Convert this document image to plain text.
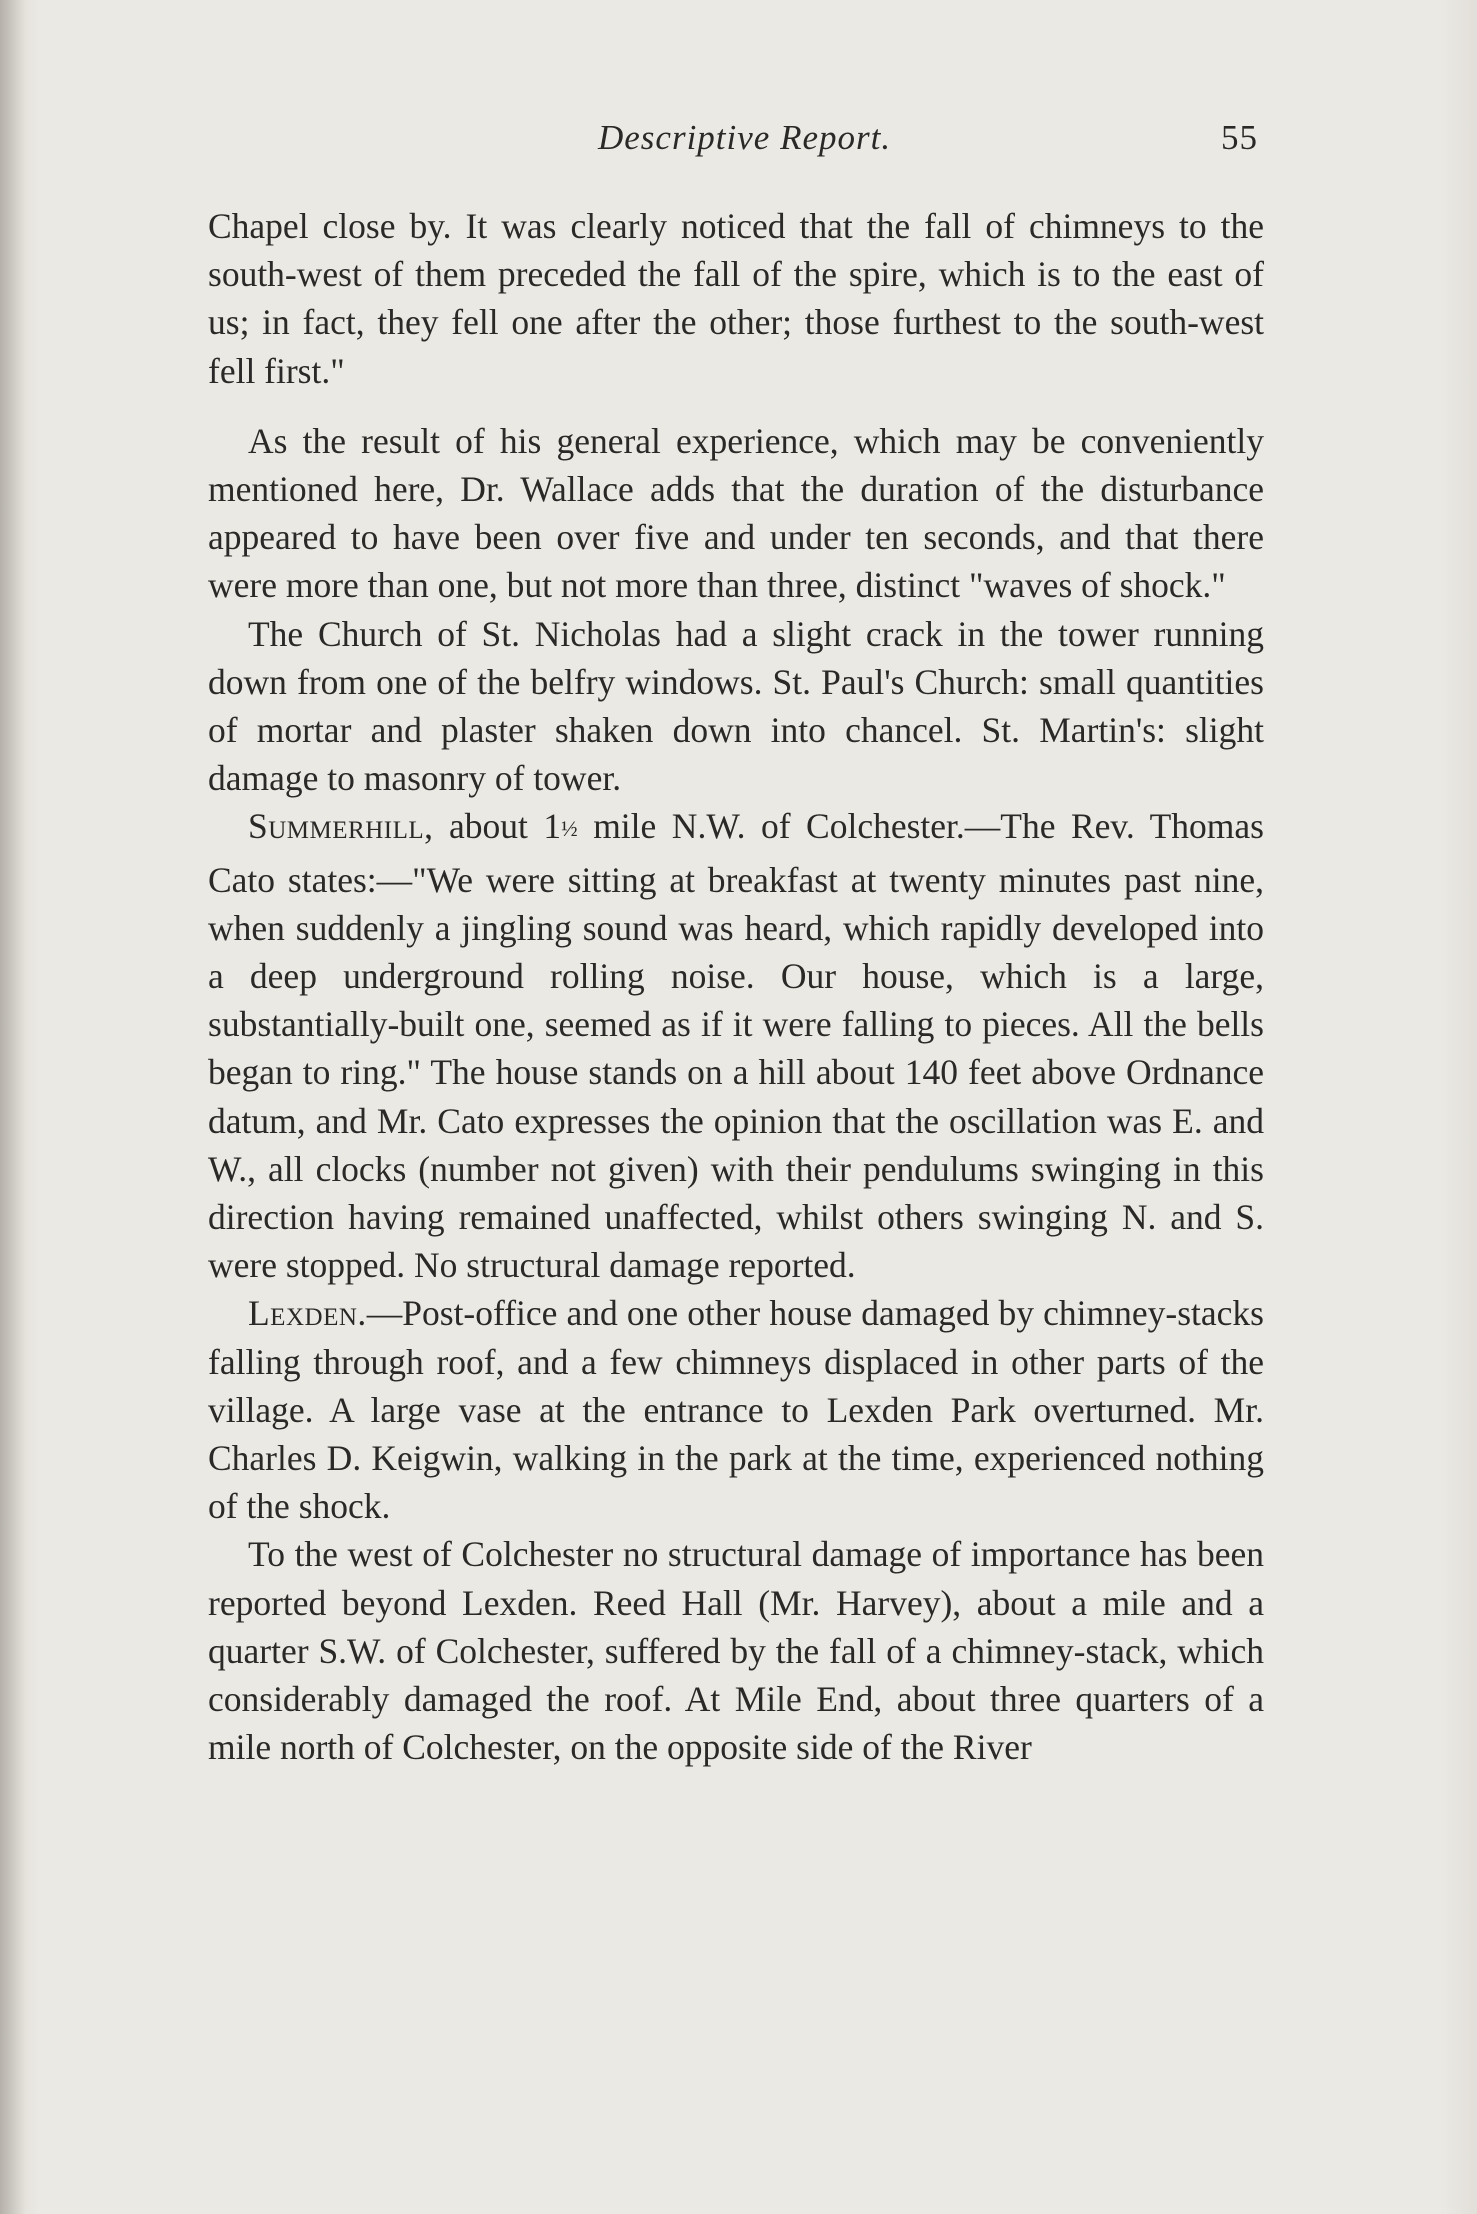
Descriptive Report.	55

Chapel close by. It was clearly noticed that the fall of chimneys to the south-west of them preceded the fall of the spire, which is to the east of us; in fact, they fell one after the other; those furthest to the south-west fell first."

As the result of his general experience, which may be conveniently mentioned here, Dr. Wallace adds that the duration of the disturbance appeared to have been over five and under ten seconds, and that there were more than one, but not more than three, distinct "waves of shock."

The Church of St. Nicholas had a slight crack in the tower running down from one of the belfry windows. St. Paul's Church: small quantities of mortar and plaster shaken down into chancel. St. Martin's: slight damage to masonry of tower.

Summerhill, about 1½ mile N.W. of Colchester.—The Rev. Thomas Cato states:—"We were sitting at breakfast at twenty minutes past nine, when suddenly a jingling sound was heard, which rapidly developed into a deep underground rolling noise. Our house, which is a large, substantially-built one, seemed as if it were falling to pieces. All the bells began to ring." The house stands on a hill about 140 feet above Ordnance datum, and Mr. Cato expresses the opinion that the oscillation was E. and W., all clocks (number not given) with their pendulums swinging in this direction having remained unaffected, whilst others swinging N. and S. were stopped. No structural damage reported.

Lexden.—Post-office and one other house damaged by chimney-stacks falling through roof, and a few chimneys displaced in other parts of the village. A large vase at the entrance to Lexden Park overturned. Mr. Charles D. Keigwin, walking in the park at the time, experienced nothing of the shock.

To the west of Colchester no structural damage of importance has been reported beyond Lexden. Reed Hall (Mr. Harvey), about a mile and a quarter S.W. of Colchester, suffered by the fall of a chimney-stack, which considerably damaged the roof. At Mile End, about three quarters of a mile north of Colchester, on the opposite side of the River
